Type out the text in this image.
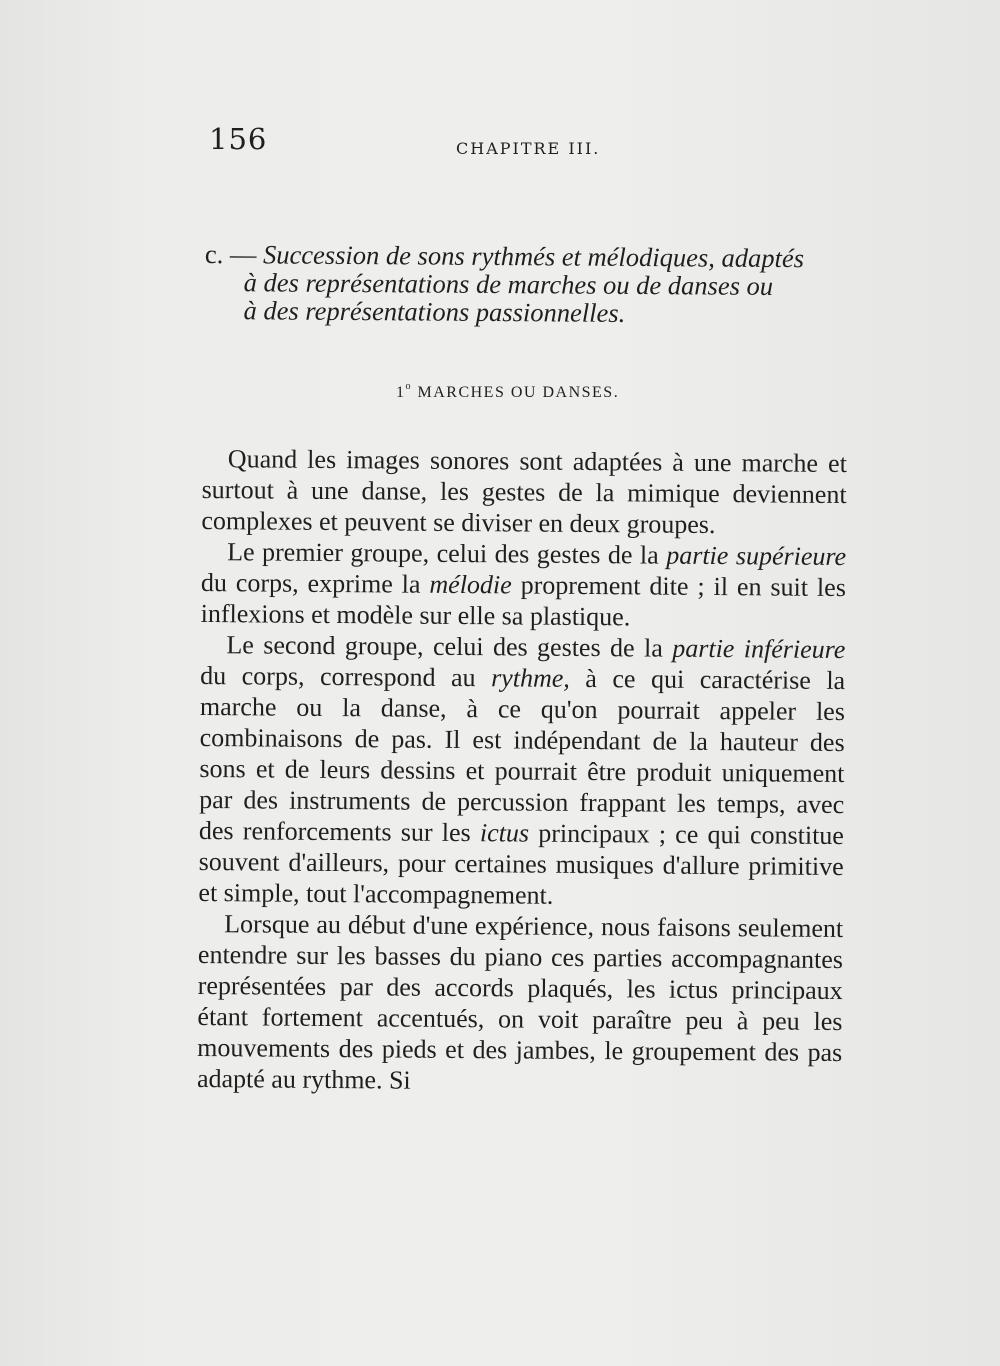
156	CHAPITRE III.
c. — Succession de sons rythmés et mélodiques, adaptés
à des représentations de marches ou de danses ou
à des représentations passionnelles.
1$^o$ MARCHES OU DANSES.

Quand les images sonores sont adaptées à une marche et surtout à une danse, les gestes de la mimique deviennent complexes et peuvent se diviser en deux groupes.

Le premier groupe, celui des gestes de la partie supérieure du corps, exprime la mélodie proprement dite ; il en suit les inflexions et modèle sur elle sa plastique.

Le second groupe, celui des gestes de la partie inférieure du corps, correspond au rythme, à ce qui caractérise la marche ou la danse, à ce qu'on pourrait appeler les combinaisons de pas. Il est indépendant de la hauteur des sons et de leurs dessins et pourrait être produit uniquement par des instruments de percussion frappant les temps, avec des renforcements sur les ictus principaux ; ce qui constitue souvent d'ailleurs, pour certaines musiques d'allure primitive et simple, tout l'accompagnement.

Lorsque au début d'une expérience, nous faisons seulement entendre sur les basses du piano ces parties accompagnantes représentées par des accords plaqués, les ictus principaux étant fortement accentués, on voit paraître peu à peu les mouvements des pieds et des jambes, le groupement des pas adapté au rythme. Si
